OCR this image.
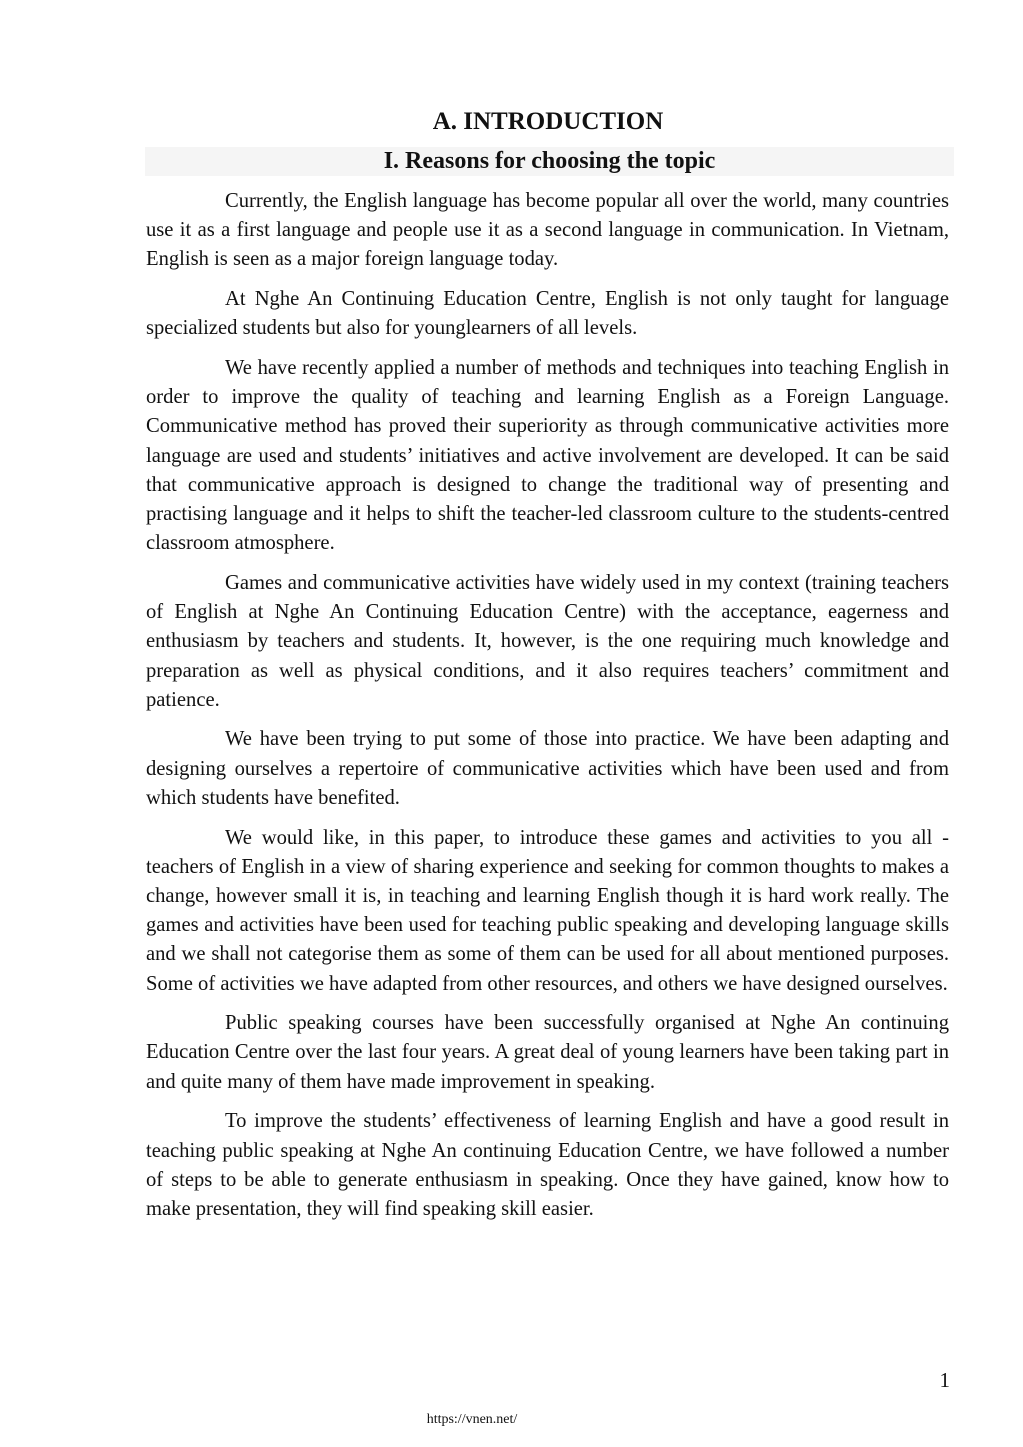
A. INTRODUCTION
I. Reasons for choosing the topic

Currently, the English language has become popular all over the world, many countries use it as a first language and people use it as a second language in communication. In Vietnam, English is seen as a major foreign language today.

At Nghe An Continuing Education Centre, English is not only taught for language specialized students but also for younglearners of all levels.

We have recently applied a number of methods and techniques into teaching English in order to improve the quality of teaching and learning English as a Foreign Language. Communicative method has proved their superiority as through communicative activities more language are used and students’ initiatives and active involvement are developed. It can be said that communicative approach is designed to change the traditional way of presenting and practising language and it helps to shift the teacher-led classroom culture to the students-centred classroom atmosphere.

Games and communicative activities have widely used in my context (training teachers of English at Nghe An Continuing Education Centre) with the acceptance, eagerness and enthusiasm by teachers and students. It, however, is the one requiring much knowledge and preparation as well as physical conditions, and it also requires teachers’ commitment and patience.

We have been trying to put some of those into practice. We have been adapting and designing ourselves a repertoire of communicative activities which have been used and from which students have benefited.

We would like, in this paper, to introduce these games and activities to you all - teachers of English in a view of sharing experience and seeking for common thoughts to makes a change, however small it is, in teaching and learning English though it is hard work really. The games and activities have been used for teaching public speaking and developing language skills and we shall not categorise them as some of them can be used for all about mentioned purposes. Some of activities we have adapted from other resources, and others we have designed ourselves.

Public speaking courses have been successfully organised at Nghe An continuing Education Centre over the last four years. A great deal of young learners have been taking part in and quite many of them have made improvement in speaking.

To improve the students’ effectiveness of learning English and have a good result in teaching public speaking at Nghe An continuing Education Centre, we have followed a number of steps to be able to generate enthusiasm in speaking. Once they have gained, know how to make presentation, they will find speaking skill easier.

1
https://vnen.net/
